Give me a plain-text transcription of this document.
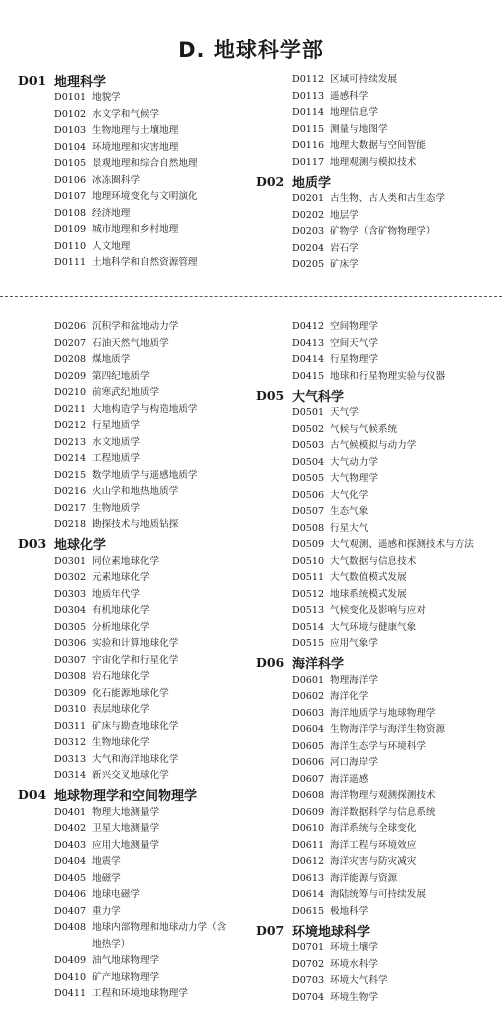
D. 地球科学部
D01 地理科学
D0101 地貌学
D0102 水文学和气候学
D0103 生物地理与土壤地理
D0104 环境地理和灾害地理
D0105 景观地理和综合自然地理
D0106 冰冻圈科学
D0107 地理环境变化与文明演化
D0108 经济地理
D0109 城市地理和乡村地理
D0110 人文地理
D0111 土地科学和自然资源管理
D0112 区域可持续发展
D0113 遥感科学
D0114 地理信息学
D0115 测量与地图学
D0116 地理大数据与空间智能
D0117 地理观测与模拟技术
D02 地质学
D0201 古生物、古人类和古生态学
D0202 地层学
D0203 矿物学（含矿物物理学）
D0204 岩石学
D0205 矿床学
D0206 沉积学和盆地动力学
D0207 石油天然气地质学
D0208 煤地质学
D0209 第四纪地质学
D0210 前寒武纪地质学
D0211 大地构造学与构造地质学
D0212 行星地质学
D0213 水文地质学
D0214 工程地质学
D0215 数学地质学与遥感地质学
D0216 火山学和地热地质学
D0217 生物地质学
D0218 勘探技术与地质钻探
D03 地球化学
D0301 同位素地球化学
D0302 元素地球化学
D0303 地质年代学
D0304 有机地球化学
D0305 分析地球化学
D0306 实验和计算地球化学
D0307 宇宙化学和行星化学
D0308 岩石地球化学
D0309 化石能源地球化学
D0310 表层地球化学
D0311 矿床与勘查地球化学
D0312 生物地球化学
D0313 大气和海洋地球化学
D0314 新兴交叉地球化学
D04 地球物理学和空间物理学
D0401 物理大地测量学
D0402 卫星大地测量学
D0403 应用大地测量学
D0404 地震学
D0405 地磁学
D0406 地球电磁学
D0407 重力学
D0408 地球内部物理和地球动力学（含
地热学）
D0409 油气地球物理学
D0410 矿产地球物理学
D0411 工程和环境地球物理学
D0412 空间物理学
D0413 空间天气学
D0414 行星物理学
D0415 地球和行星物理实验与仪器
D05 大气科学
D0501 天气学
D0502 气候与气候系统
D0503 古气候模拟与动力学
D0504 大气动力学
D0505 大气物理学
D0506 大气化学
D0507 生态气象
D0508 行星大气
D0509 大气观测、遥感和探测技术与方法
D0510 大气数据与信息技术
D0511 大气数值模式发展
D0512 地球系统模式发展
D0513 气候变化及影响与应对
D0514 大气环境与健康气象
D0515 应用气象学
D06 海洋科学
D0601 物理海洋学
D0602 海洋化学
D0603 海洋地质学与地球物理学
D0604 生物海洋学与海洋生物资源
D0605 海洋生态学与环境科学
D0606 河口海岸学
D0607 海洋遥感
D0608 海洋物理与观测探测技术
D0609 海洋数据科学与信息系统
D0610 海洋系统与全球变化
D0611 海洋工程与环境效应
D0612 海洋灾害与防灾减灾
D0613 海洋能源与资源
D0614 海陆统筹与可持续发展
D0615 极地科学
D07 环境地球科学
D0701 环境土壤学
D0702 环境水科学
D0703 环境大气科学
D0704 环境生物学
